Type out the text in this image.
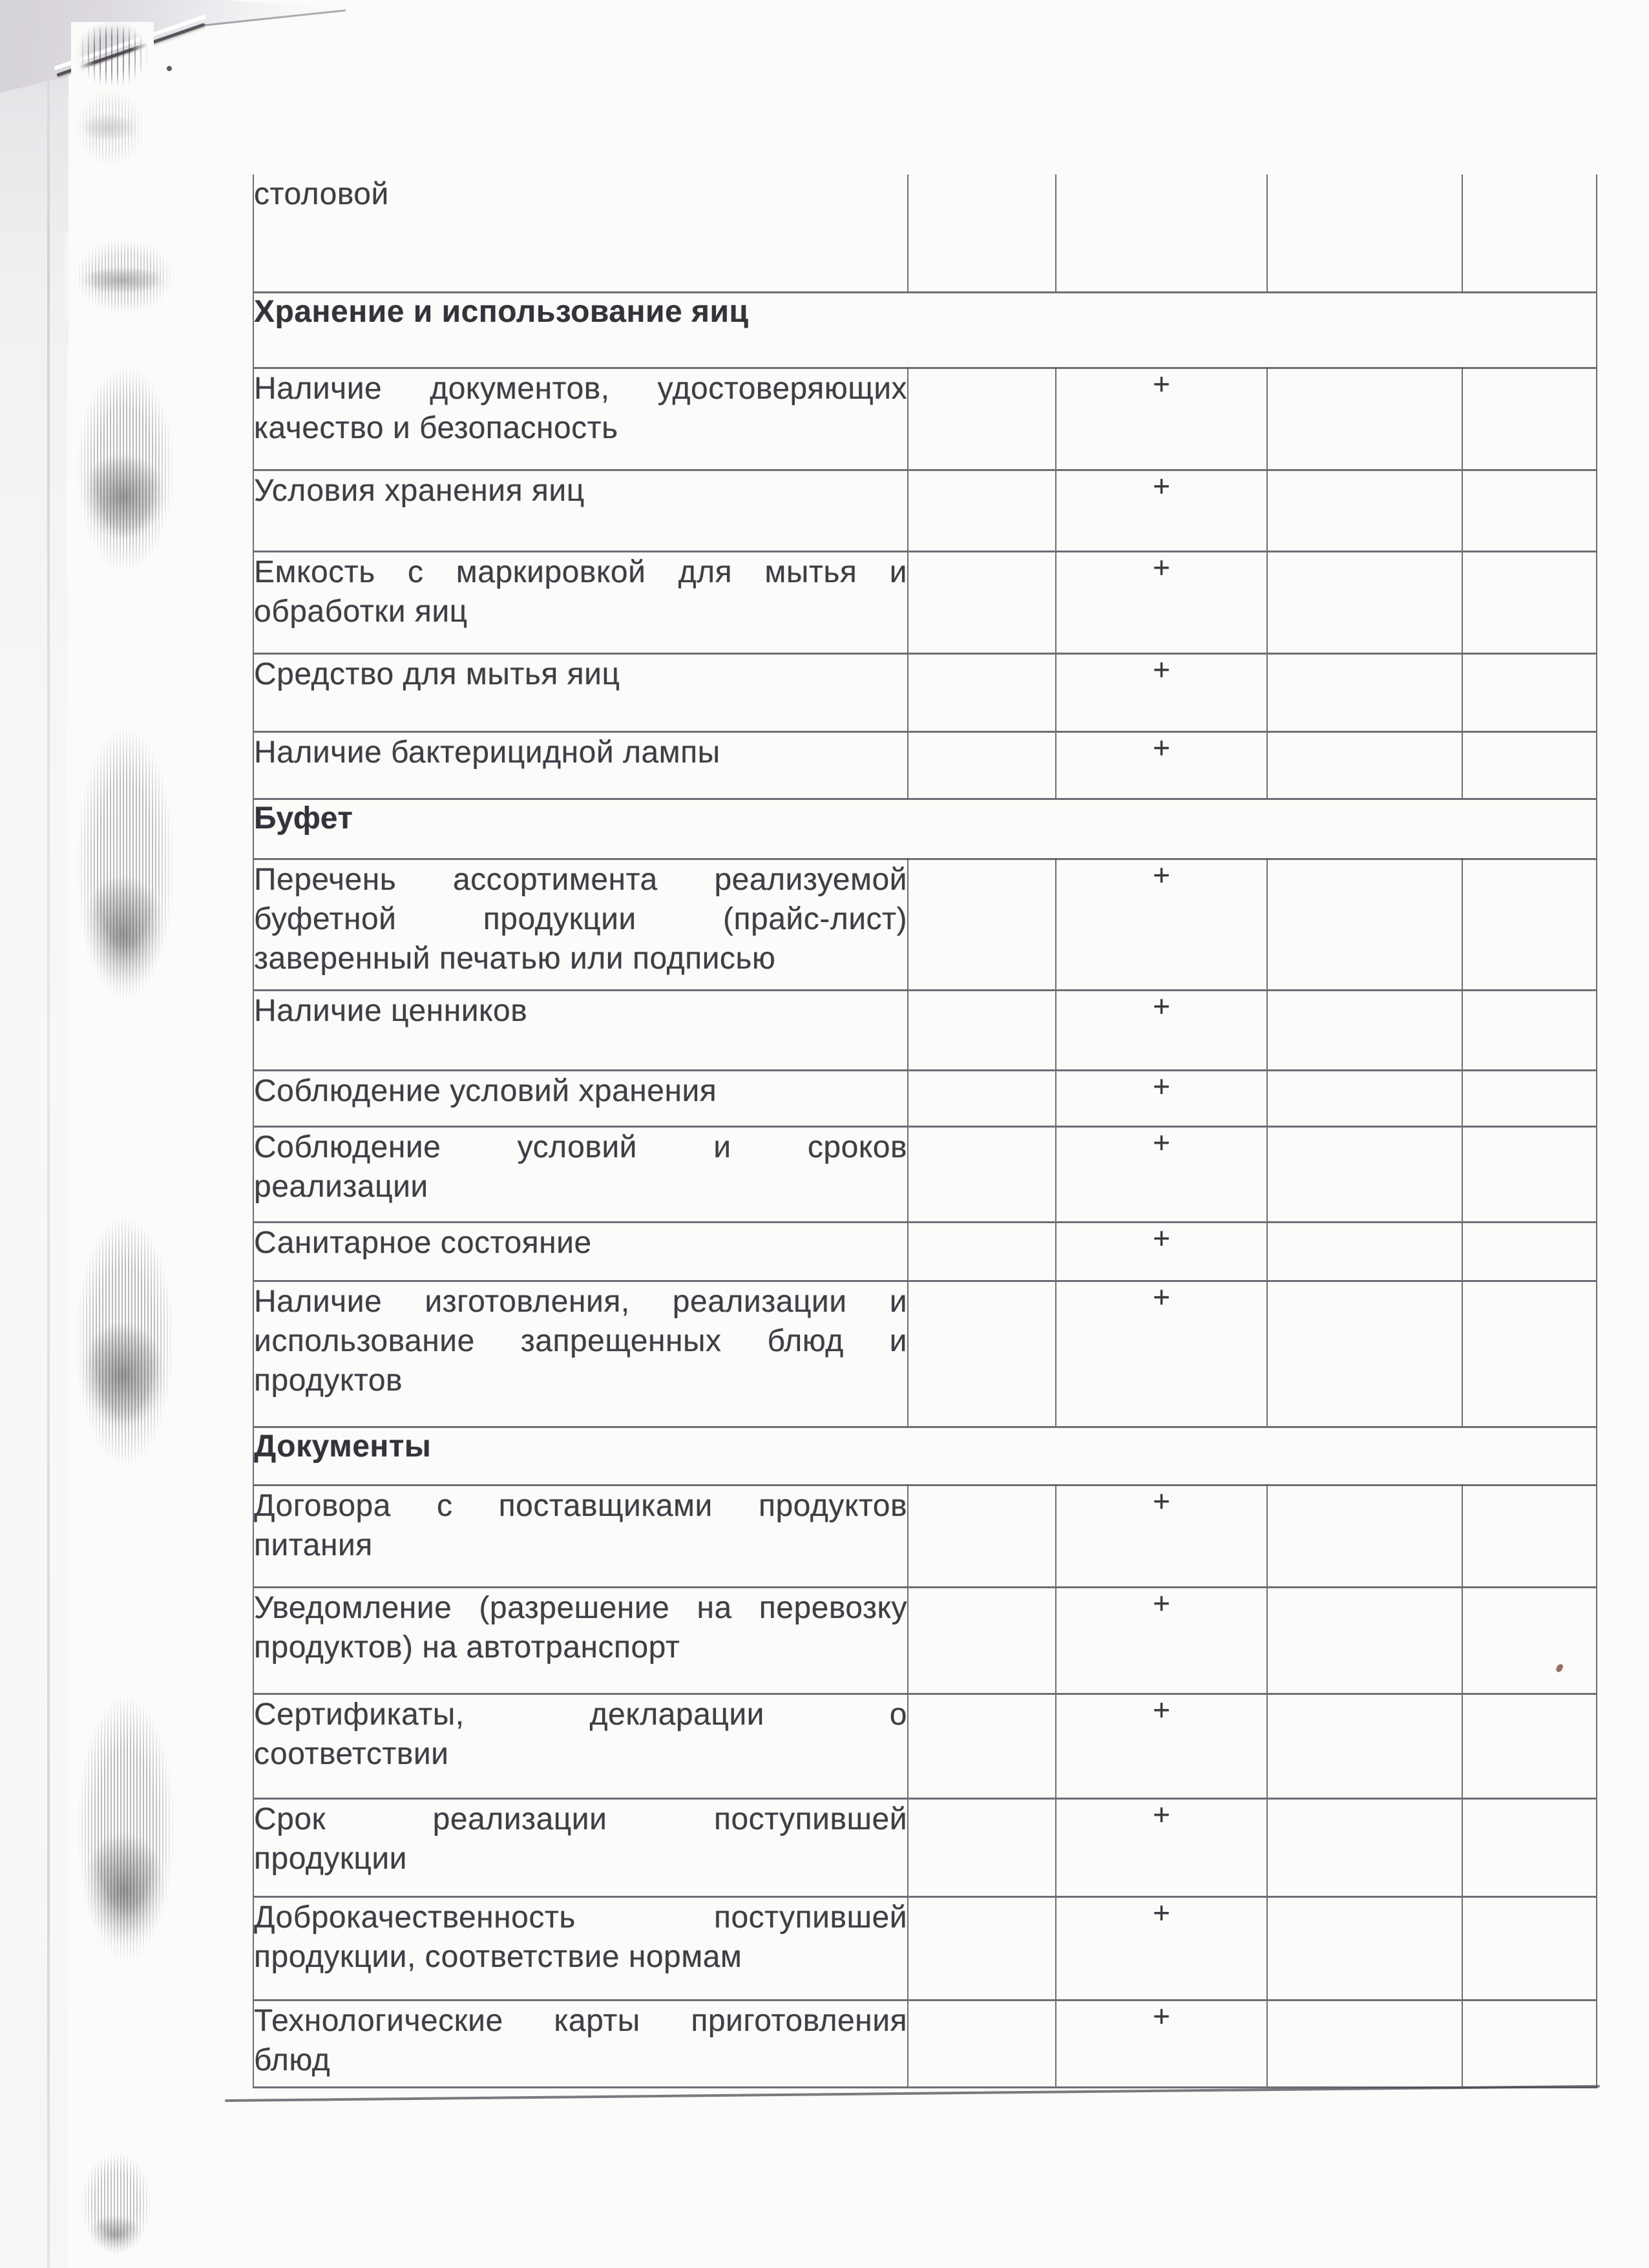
столовой				

Хранение и использование яиц				

Наличие документов, удостоверяющих
качество и безопасность		+		

Условия хранения яиц		+		

Емкость с маркировкой для мытья и
обработки яиц		+		

Средство для мытья яиц		+		

Наличие бактерицидной лампы		+		

Буфет				

Перечень ассортимента реализуемой
буфетной продукции (прайс-лист)
заверенный печатью или подписью		+		

Наличие ценников		+		

Соблюдение условий хранения		+		

Соблюдение условий и сроков
реализации		+		

Санитарное состояние		+		

Наличие изготовления, реализации и
использование запрещенных блюд и
продуктов		+		

Документы				

Договора с поставщиками продуктов
питания		+		

Уведомление (разрешение на перевозку
продуктов) на автотранспорт		+		

Сертификаты, декларации о
соответствии		+		

Срок реализации поступившей
продукции		+		

Доброкачественность поступившей
продукции, соответствие нормам		+		

Технологические карты приготовления
блюд		+		
